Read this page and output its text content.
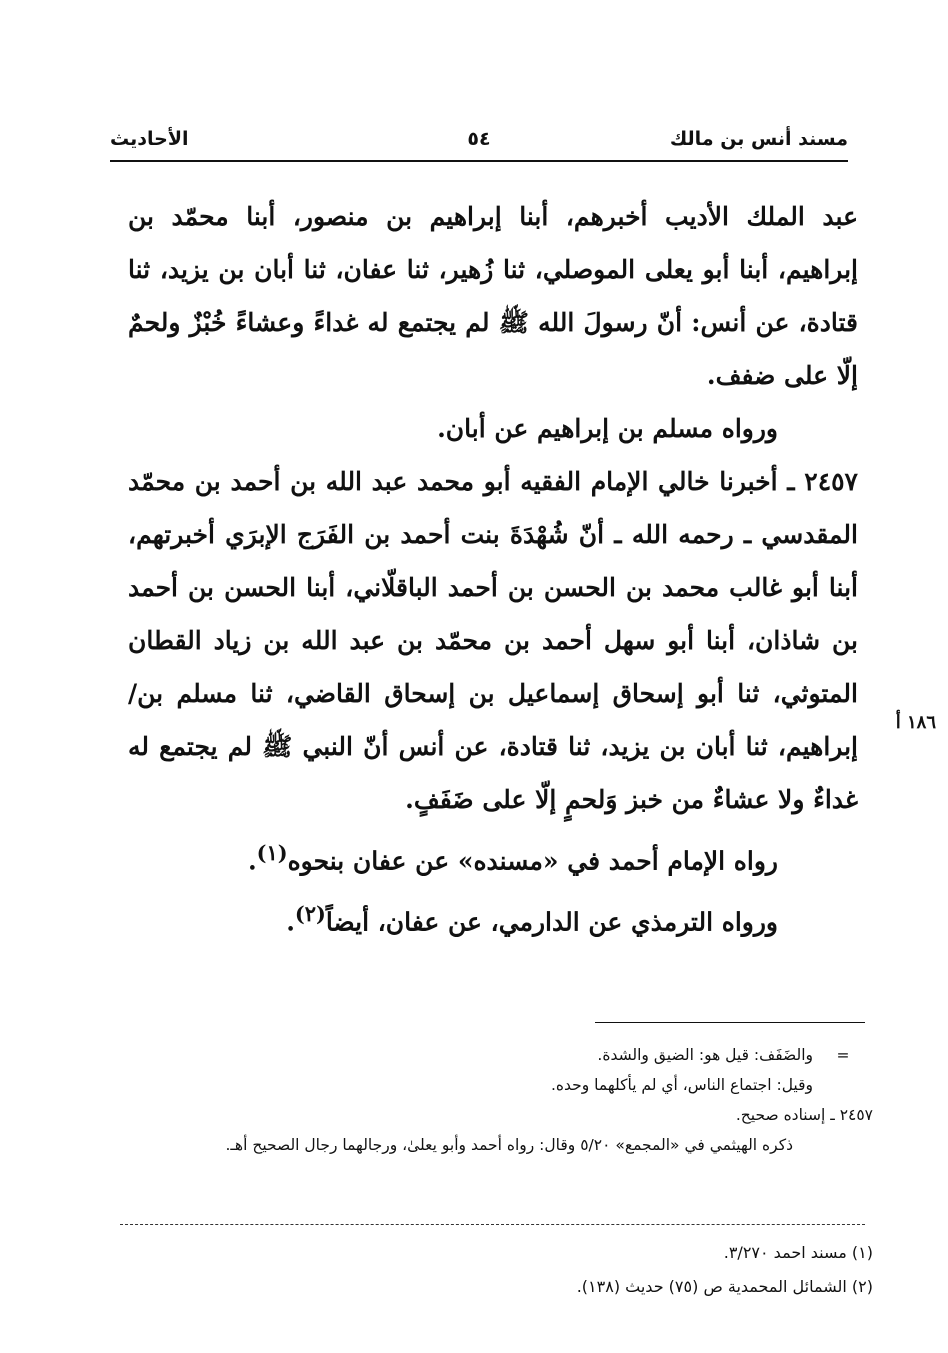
مسند أنس بن مالك
٥٤
الأحاديث

عبد الملك الأديب أخبرهم، أبنا إبراهيم بن منصور، أبنا محمّد بن إبراهيم، أبنا أبو يعلى الموصلي، ثنا زُهير، ثنا عفان، ثنا أبان بن يزيد، ثنا قتادة، عن أنس: أنّ رسولَ الله ﷺ لم يجتمع له غداءً وعشاءً خُبْزٌ ولحمٌ إلّا على ضفف.

ورواه مسلم بن إبراهيم عن أبان.

٢٤٥٧ ـ أخبرنا خالي الإمام الفقيه أبو محمد عبد الله بن أحمد بن محمّد المقدسي ـ رحمه الله ـ أنّ شُهْدَةَ بنت أحمد بن الفَرَج الإبرَي أخبرتهم، أبنا أبو غالب محمد بن الحسن بن أحمد الباقلّاني، أبنا الحسن بن أحمد بن شاذان، أبنا أبو سهل أحمد بن محمّد بن عبد الله بن زياد القطان المتوثي، ثنا أبو إسحاق إسماعيل بن إسحاق القاضي، ثنا مسلم بن/إبراهيم، ثنا أبان بن يزيد، ثنا قتادة، عن أنس أنّ النبي ﷺ لم يجتمع له غداءٌ ولا عشاءٌ من خبز وَلحمٍ إلّا على ضَفَفٍ.

رواه الإمام أحمد في «مسنده» عن عفان بنحوه$^{(١)}$.

ورواه الترمذي عن الدارمي، عن عفان، أيضاً$^{(٢)}$.

١٨٦ أ

=والضَفَف: قيل هو: الضيق والشدة.

وقيل: اجتماع الناس، أي لم يأكلهما وحده.

٢٤٥٧ ـ إسناده صحيح.

ذكره الهيثمي في «المجمع» ٥/٢٠ وقال: رواه أحمد وأبو يعلىٰ، ورجالهما رجال الصحيح أهـ.

(١) مسند احمد ٣/٢٧٠.

(٢) الشمائل المحمدية ص (٧٥) حديث (١٣٨).
